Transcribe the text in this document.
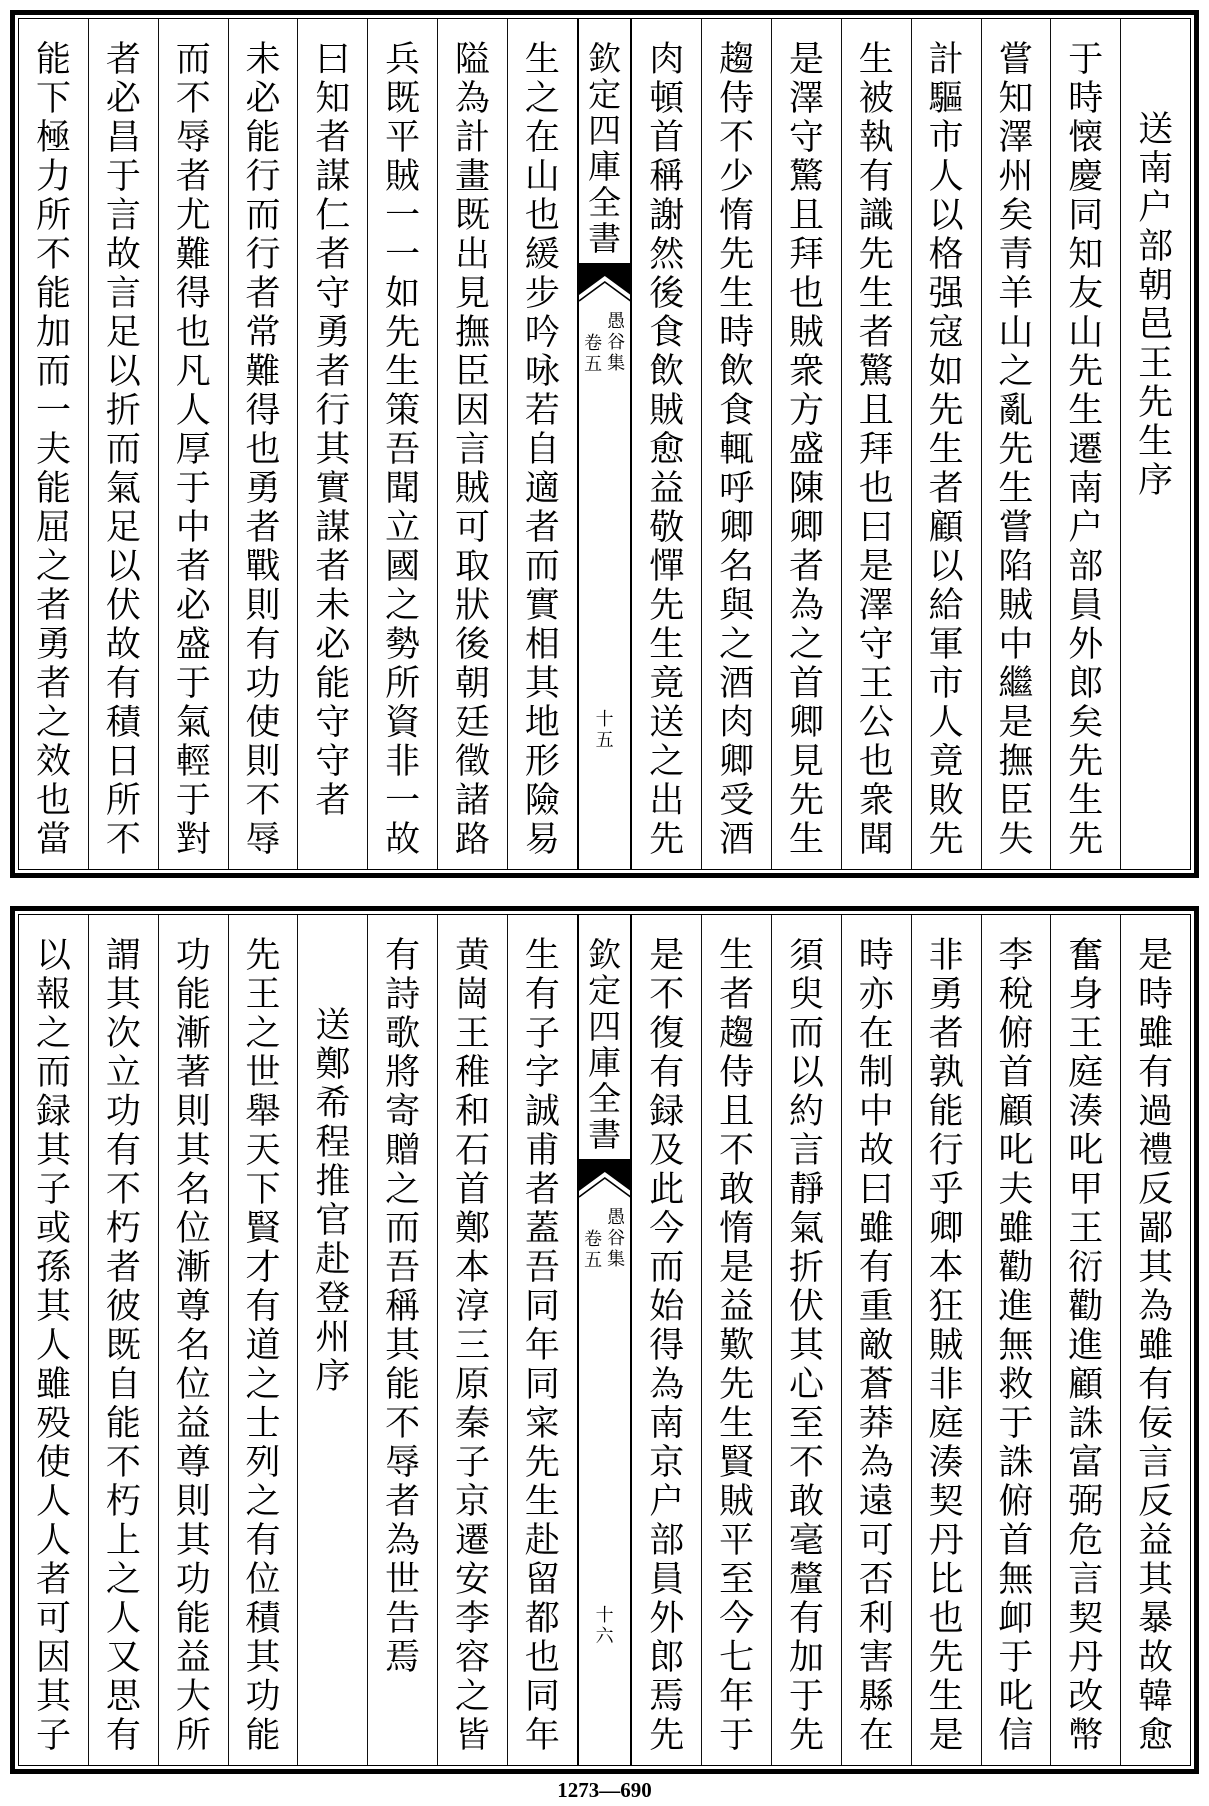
送
南
户
部
朝
邑
王
先
生
序
于
時
懐
慶
同
知
友
山
先
生
遷
南
户
部
員
外
郎
矣
先
生
先
嘗
知
澤
州
矣
青
羊
山
之
亂
先
生
嘗
陷
賊
中
繼
是
撫
臣
失
計
驅
市
人
以
格
强
寇
如
先
生
者
顧
以
給
軍
市
人
竟
敗
先
生
被
執
有
識
先
生
者
驚
且
拜
也
曰
是
澤
守
王
公
也
衆
聞
是
澤
守
驚
且
拜
也
賊
衆
方
盛
陳
卿
者
為
之
首
卿
見
先
生
趨
侍
不
少
惰
先
生
時
飲
食
輒
呼
卿
名
與
之
酒
肉
卿
受
酒
肉
頓
首
稱
謝
然
後
食
飲
賊
愈
益
敬
憚
先
生
竟
送
之
出
先
欽
定
四
庫
全
書
愚
谷
集
卷
五
十
五
生
之
在
山
也
緩
步
吟
咏
若
自
適
者
而
實
相
其
地
形
險
易
隘
為
計
畫
既
出
見
撫
臣
因
言
賊
可
取
狀
後
朝
廷
徵
諸
路
兵
既
平
賊
一
一
如
先
生
策
吾
聞
立
國
之
勢
所
資
非
一
故
曰
知
者
謀
仁
者
守
勇
者
行
其
實
謀
者
未
必
能
守
守
者
未
必
能
行
而
行
者
常
難
得
也
勇
者
戰
則
有
功
使
則
不
辱
而
不
辱
者
尤
難
得
也
凡
人
厚
于
中
者
必
盛
于
氣
輕
于
對
者
必
昌
于
言
故
言
足
以
折
而
氣
足
以
伏
故
有
積
日
所
不
能
下
極
力
所
不
能
加
而
一
夫
能
屈
之
者
勇
者
之
效
也
當
是
時
雖
有
過
禮
反
鄙
其
為
雖
有
佞
言
反
益
其
暴
故
韓
愈
奮
身
王
庭
湊
叱
甲
王
衍
勸
進
顧
誅
富
弼
危
言
契
丹
改
幣
李
稅
俯
首
顧
叱
夫
雖
勸
進
無
救
于
誅
俯
首
無
卹
于
叱
信
非
勇
者
孰
能
行
乎
卿
本
狂
賊
非
庭
湊
契
丹
比
也
先
生
是
時
亦
在
制
中
故
曰
雖
有
重
敵
蒼
莽
為
遠
可
否
利
害
縣
在
須
臾
而
以
約
言
靜
氣
折
伏
其
心
至
不
敢
毫
釐
有
加
于
先
生
者
趨
侍
且
不
敢
惰
是
益
歎
先
生
賢
賊
平
至
今
七
年
于
是
不
復
有
録
及
此
今
而
始
得
為
南
京
户
部
員
外
郎
焉
先
欽
定
四
庫
全
書
愚
谷
集
卷
五
十
六
生
有
子
字
誠
甫
者
蓋
吾
同
年
同
寀
先
生
赴
留
都
也
同
年
黄
崗
王
稚
和
石
首
鄭
本
淳
三
原
秦
子
京
遷
安
李
容
之
皆
有
詩
歌
將
寄
贈
之
而
吾
稱
其
能
不
辱
者
為
世
告
焉
送
鄭
希
程
推
官
赴
登
州
序
先
王
之
世
舉
天
下
賢
才
有
道
之
士
列
之
有
位
積
其
功
能
功
能
漸
著
則
其
名
位
漸
尊
名
位
益
尊
則
其
功
能
益
大
所
謂
其
次
立
功
有
不
朽
者
彼
既
自
能
不
朽
上
之
人
又
思
有
以
報
之
而
録
其
子
或
孫
其
人
雖
殁
使
人
人
者
可
因
其
子
1273—690
